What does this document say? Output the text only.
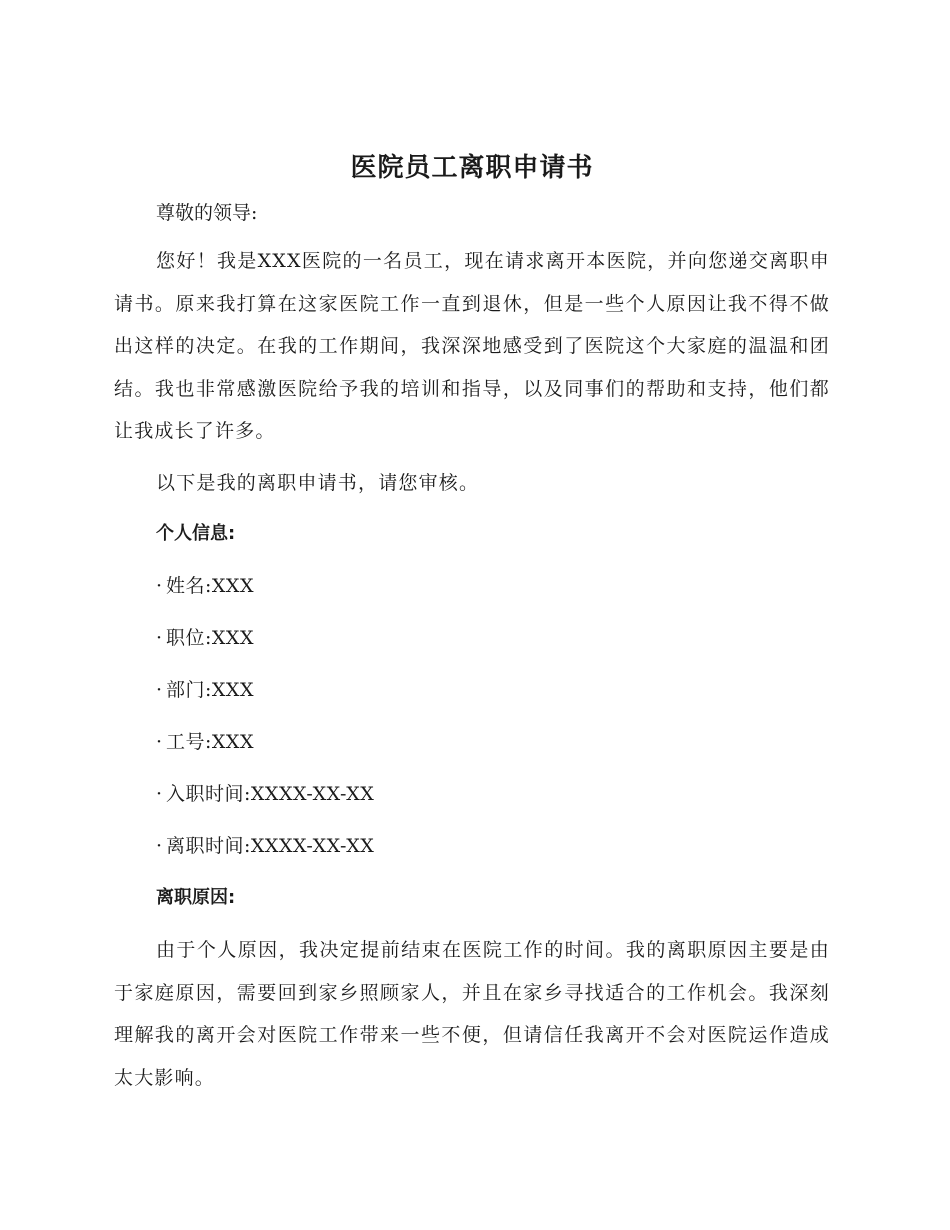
医院员工离职申请书

尊敬的领导:

您好！我是XXX医院的一名员工，现在请求离开本医院，并向您递交离职申请书。原来我打算在这家医院工作一直到退休，但是一些个人原因让我不得不做出这样的决定。在我的工作期间，我深深地感受到了医院这个大家庭的温温和团结。我也非常感激医院给予我的培训和指导，以及同事们的帮助和支持，他们都让我成长了许多。

以下是我的离职申请书，请您审核。

个人信息:
· 姓名:XXX
· 职位:XXX
· 部门:XXX
· 工号:XXX
· 入职时间:XXXX-XX-XX
· 离职时间:XXXX-XX-XX
离职原因:

由于个人原因，我决定提前结束在医院工作的时间。我的离职原因主要是由于家庭原因，需要回到家乡照顾家人，并且在家乡寻找适合的工作机会。我深刻理解我的离开会对医院工作带来一些不便，但请信任我离开不会对医院运作造成太大影响。
